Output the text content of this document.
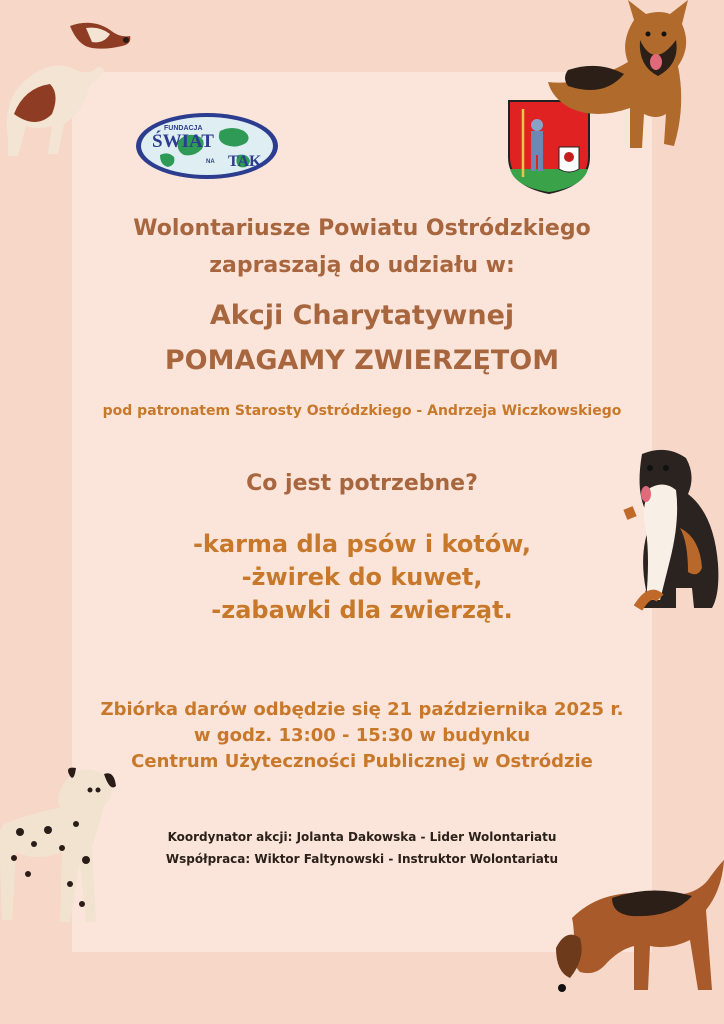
FUNDACJA
ŚWIAT
NA TAK

Wolontariusze Powiatu Ostródzkiego

zapraszają do udziału w:

Akcji Charytatywnej

POMAGAMY ZWIERZĘTOM

pod patronatem Starosty Ostródzkiego - Andrzeja Wiczkowskiego

Co jest potrzebne?

-karma dla psów i kotów,

-żwirek do kuwet,

-zabawki dla zwierząt.

Zbiórka darów odbędzie się 21 października 2025 r.

w godz. 13:00 - 15:30 w budynku

Centrum Użyteczności Publicznej w Ostródzie

Koordynator akcji: Jolanta Dakowska - Lider Wolontariatu

Współpraca: Wiktor Faltynowski - Instruktor Wolontariatu
